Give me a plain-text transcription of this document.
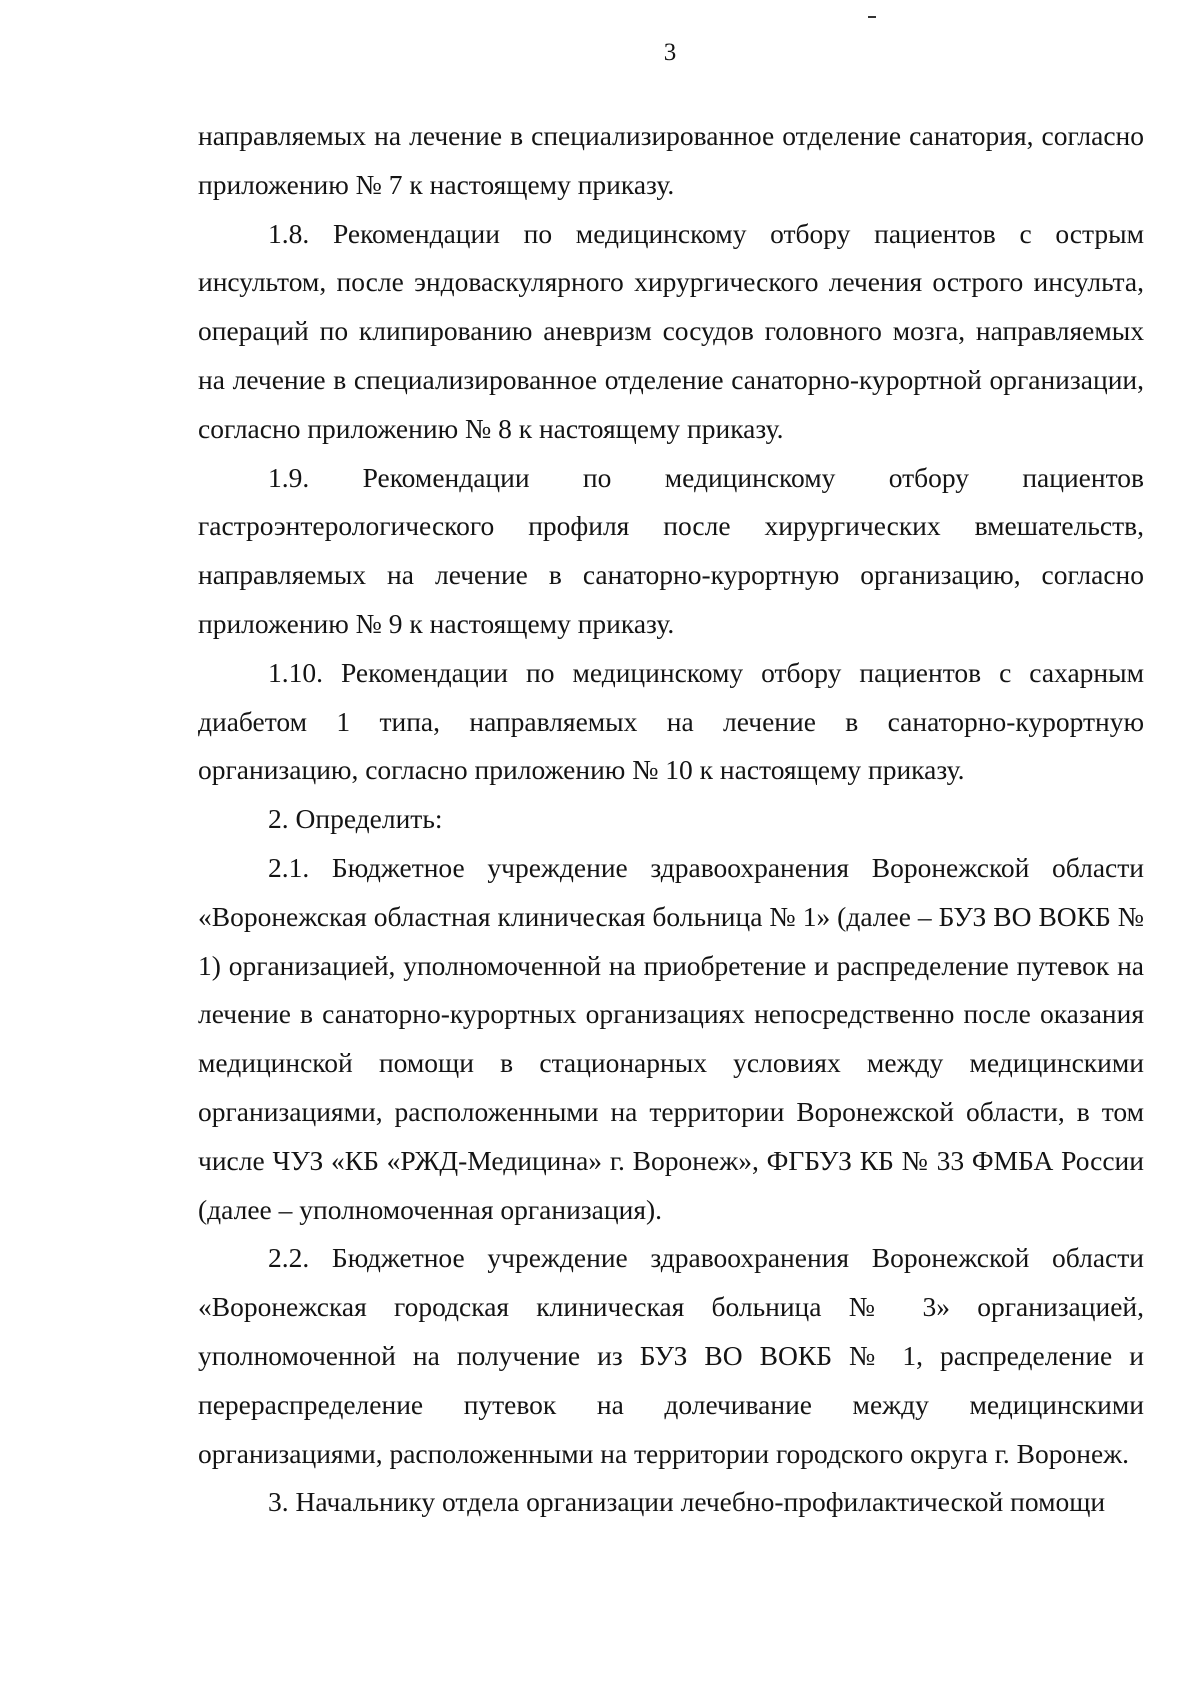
3

направляемых на лечение в специализированное отделение санатория, согласно приложению № 7 к настоящему приказу.

1.8. Рекомендации по медицинскому отбору пациентов с острым инсультом, после эндоваскулярного хирургического лечения острого инсульта, операций по клипированию аневризм сосудов головного мозга, направляемых на лечение в специализированное отделение санаторно-курортной организации, согласно приложению № 8 к настоящему приказу.

1.9. Рекомендации по медицинскому отбору пациентов гастроэнтерологического профиля после хирургических вмешательств, направляемых на лечение в санаторно-курортную организацию, согласно приложению № 9 к настоящему приказу.

1.10. Рекомендации по медицинскому отбору пациентов с сахарным диабетом 1 типа, направляемых на лечение в санаторно-курортную организацию, согласно приложению № 10 к настоящему приказу.

2. Определить:

2.1. Бюджетное учреждение здравоохранения Воронежской области «Воронежская областная клиническая больница № 1» (далее – БУЗ ВО ВОКБ № 1) организацией, уполномоченной на приобретение и распределение путевок на лечение в санаторно-курортных организациях непосредственно после оказания медицинской помощи в стационарных условиях между медицинскими организациями, расположенными на территории Воронежской области, в том числе ЧУЗ «КБ «РЖД-Медицина» г. Воронеж», ФГБУЗ КБ № 33 ФМБА России (далее – уполномоченная организация).

2.2. Бюджетное учреждение здравоохранения Воронежской области «Воронежская городская клиническая больница № 3» организацией, уполномоченной на получение из БУЗ ВО ВОКБ № 1, распределение и перераспределение путевок на долечивание между медицинскими организациями, расположенными на территории городского округа г. Воронеж.

3. Начальнику отдела организации лечебно-профилактической помощи
